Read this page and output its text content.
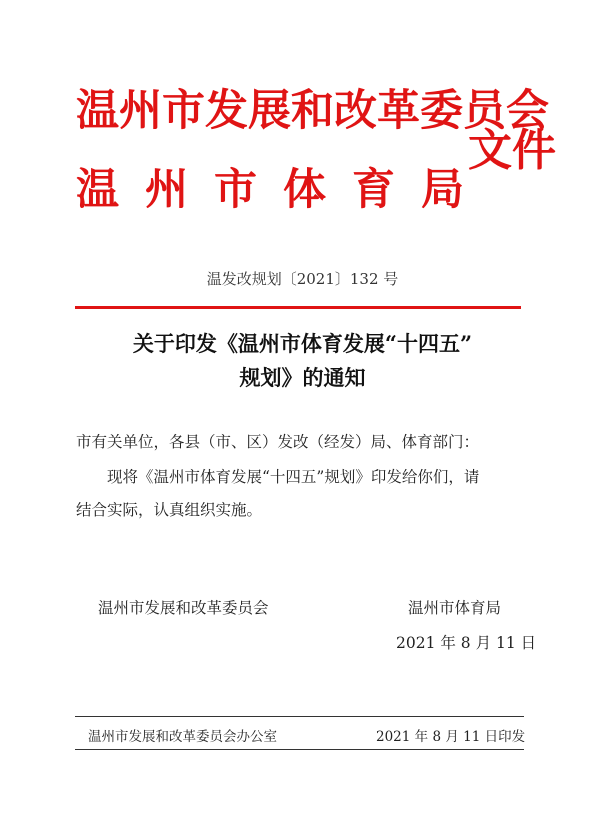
温州市发展和改革委员会
温 州 市 体 育 局
文件
温发改规划〔2021〕132 号
关于印发《温州市体育发展“十四五”
规划》的通知
市有关单位，各县（市、区）发改（经发）局、体育部门：
现将《温州市体育发展“十四五”规划》印发给你们，请
结合实际，认真组织实施。
温州市发展和改革委员会	温州市体育局
2021 年 8 月 11 日
温州市发展和改革委员会办公室	2021 年 8 月 11 日印发
